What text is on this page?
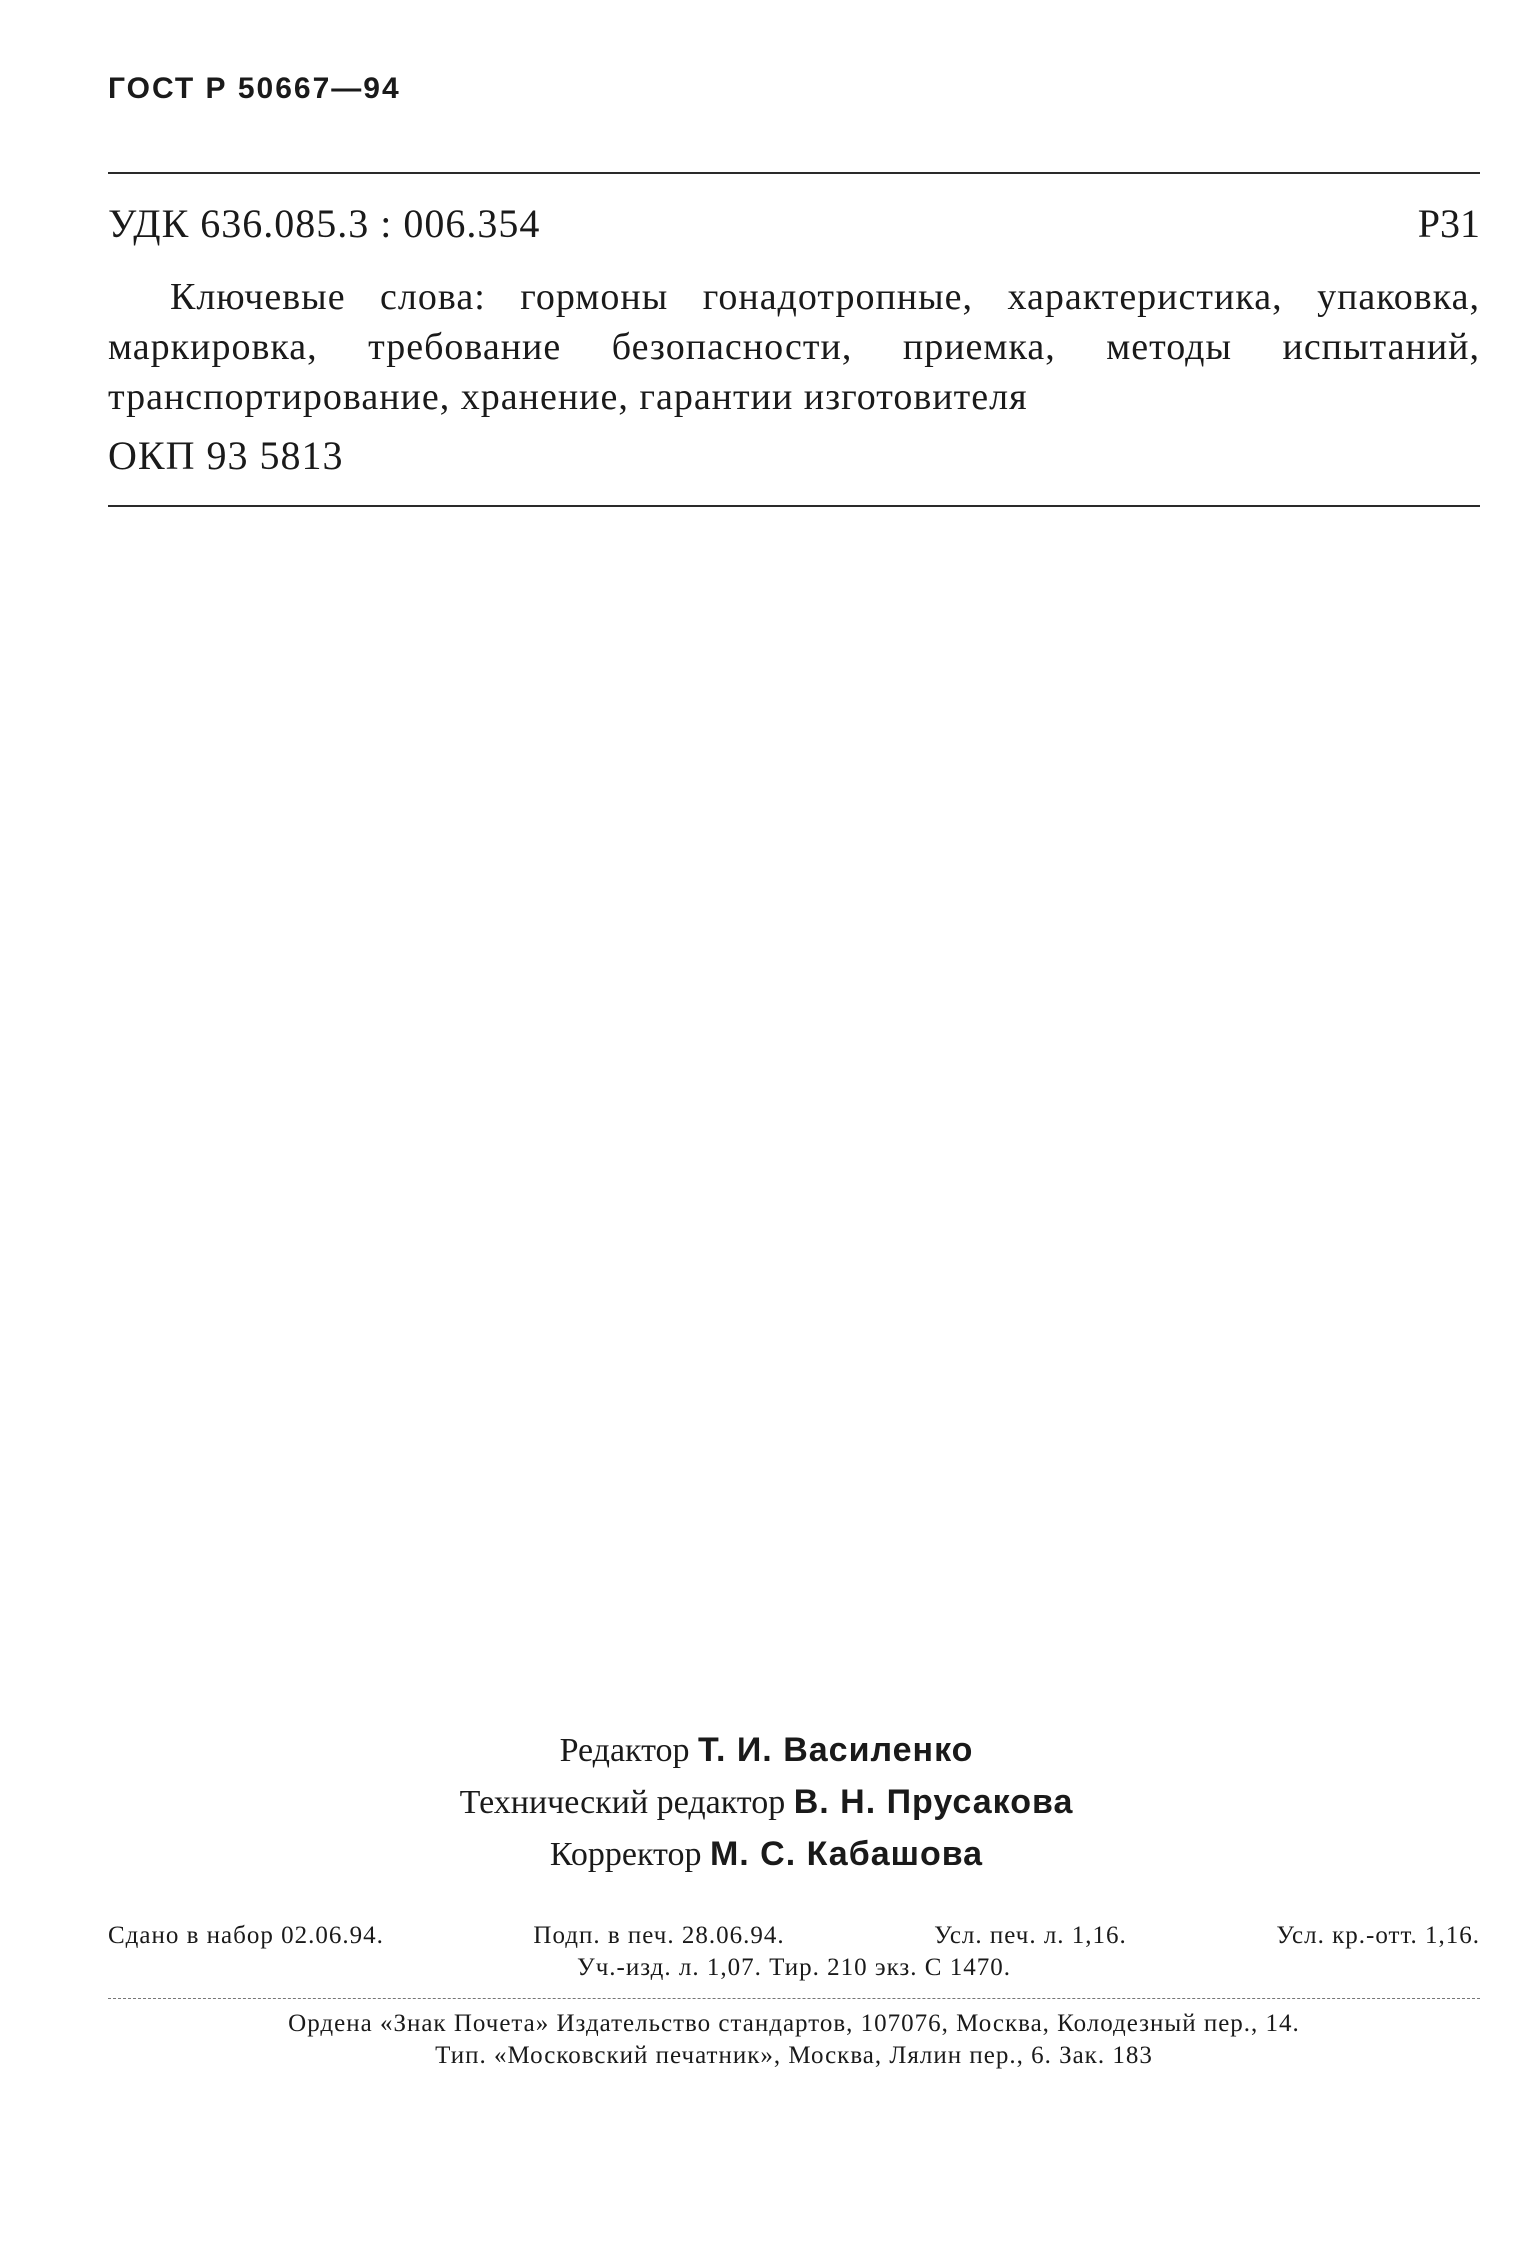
ГОСТ Р 50667—94
УДК 636.085.3 : 006.354	Р31
Ключевые слова: гормоны гонадотропные, характеристика, упаковка, маркировка, требование безопасности, приемка, методы испытаний, транспортирование, хранение, гарантии изготовителя
ОКП 93 5813
Редактор Т. И. Василенко
Технический редактор В. Н. Прусакова
Корректор М. С. Кабашова
Сдано в набор 02.06.94.	Подп. в печ. 28.06.94.	Усл. печ. л. 1,16.	Усл. кр.-отт. 1,16.
Уч.-изд. л. 1,07. Тир. 210 экз. С 1470.
Ордена «Знак Почета» Издательство стандартов, 107076, Москва, Колодезный пер., 14.
Тип. «Московский печатник», Москва, Лялин пер., 6. Зак. 183
